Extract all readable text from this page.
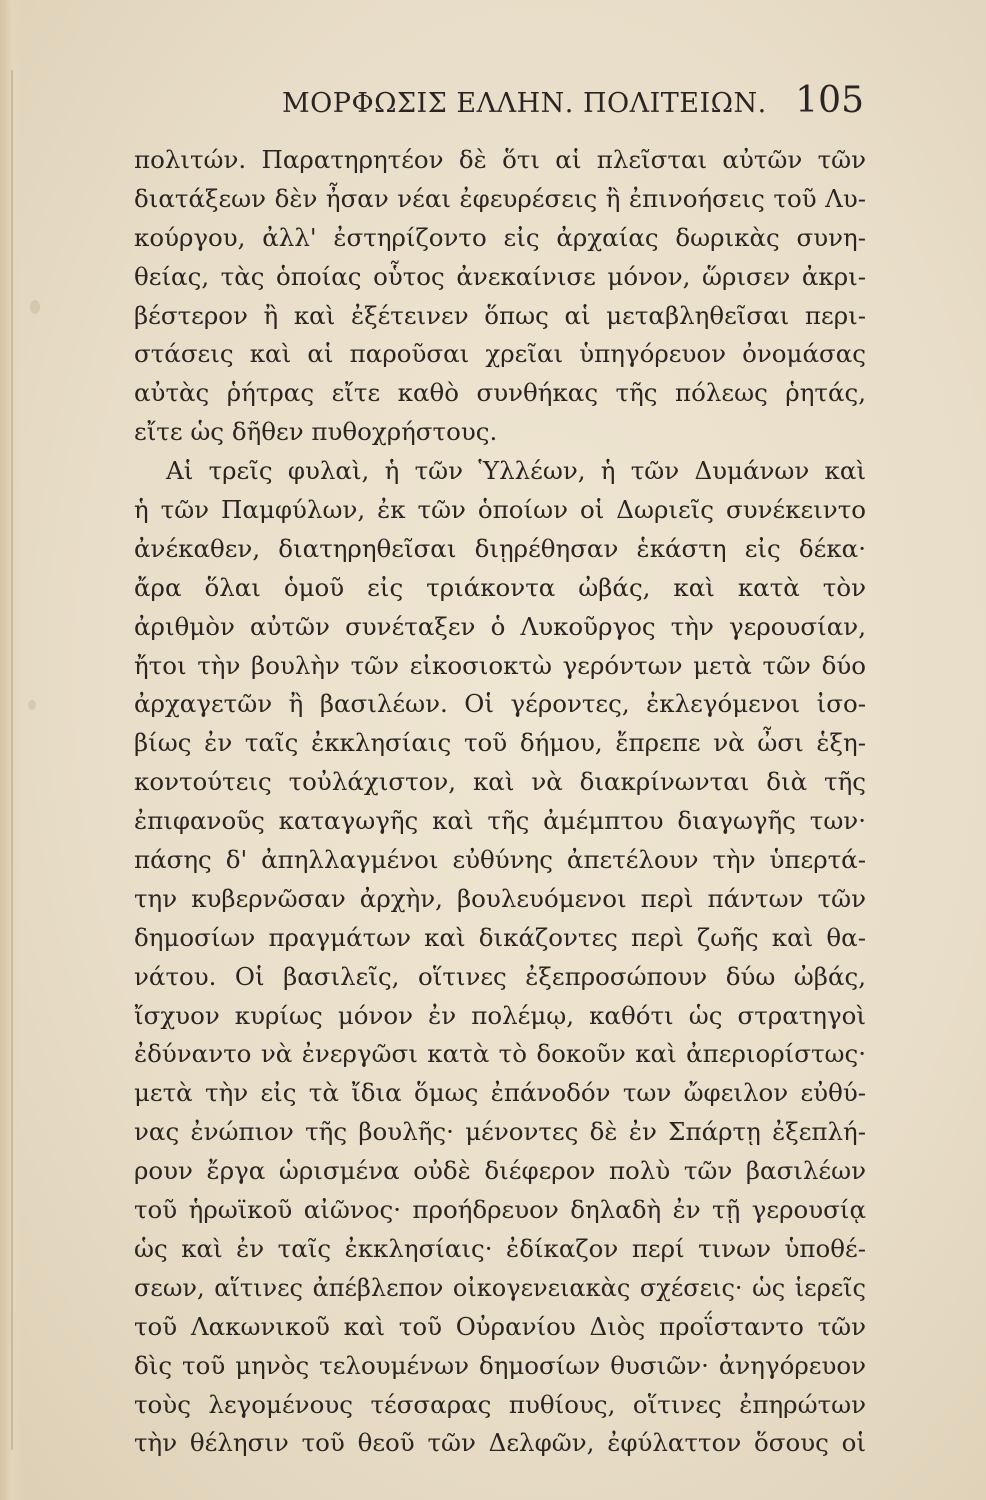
ΜΟΡΦΩΣΙΣ ΕΛΛΗΝ. ΠΟΛΙΤΕΙΩΝ. 105
πολιτών. Παρατηρητέον δὲ ὅτι αἱ πλεῖσται αὐτῶν τῶν
διατάξεων δὲν ἦσαν νέαι ἐφευρέσεις ἢ ἐπινοήσεις τοῦ Λυ-
κούργου, ἀλλ' ἐστηρίζοντο εἰς ἀρχαίας δωρικὰς συνη-
θείας, τὰς ὁποίας οὗτος ἀνεκαίνισε μόνον, ὥρισεν ἀκρι-
βέστερον ἢ καὶ ἐξέτεινεν ὅπως αἱ μεταβληθεῖσαι περι-
στάσεις καὶ αἱ παροῦσαι χρεῖαι ὑπηγόρευον ὀνομάσας
αὐτὰς ῥήτρας εἴτε καθὸ συνθήκας τῆς πόλεως ῥητάς,
εἴτε ὡς δῆθεν πυθοχρήστους.
Αἱ τρεῖς φυλαὶ, ἡ τῶν Ὑλλέων, ἡ τῶν Δυμάνων καὶ
ἡ τῶν Παμφύλων, ἐκ τῶν ὁποίων οἱ Δωριεῖς συνέκειντο
ἀνέκαθεν, διατηρηθεῖσαι διῃρέθησαν ἑκάστη εἰς δέκα·
ἄρα ὅλαι ὁμοῦ εἰς τριάκοντα ὠβάς, καὶ κατὰ τὸν
ἀριθμὸν αὐτῶν συνέταξεν ὁ Λυκοῦργος τὴν γερουσίαν,
ἤτοι τὴν βουλὴν τῶν εἰκοσιοκτὼ γερόντων μετὰ τῶν δύο
ἀρχαγετῶν ἢ βασιλέων. Οἱ γέροντες, ἐκλεγόμενοι ἰσο-
βίως ἐν ταῖς ἐκκλησίαις τοῦ δήμου, ἔπρεπε νὰ ὦσι ἑξη-
κοντούτεις τοὐλάχιστον, καὶ νὰ διακρίνωνται διὰ τῆς
ἐπιφανοῦς καταγωγῆς καὶ τῆς ἀμέμπτου διαγωγῆς των·
πάσης δ' ἀπηλλαγμένοι εὐθύνης ἀπετέλουν τὴν ὑπερτά-
την κυβερνῶσαν ἀρχὴν, βουλευόμενοι περὶ πάντων τῶν
δημοσίων πραγμάτων καὶ δικάζοντες περὶ ζωῆς καὶ θα-
νάτου. Οἱ βασιλεῖς, οἵτινες ἐξεπροσώπουν δύω ὠβάς,
ἴσχυον κυρίως μόνον ἐν πολέμῳ, καθότι ὡς στρατηγοὶ
ἐδύναντο νὰ ἐνεργῶσι κατὰ τὸ δοκοῦν καὶ ἀπεριορίστως·
μετὰ τὴν εἰς τὰ ἴδια ὅμως ἐπάνοδόν των ὤφειλον εὐθύ-
νας ἐνώπιον τῆς βουλῆς· μένοντες δὲ ἐν Σπάρτῃ ἐξεπλή-
ρουν ἔργα ὡρισμένα οὐδὲ διέφερον πολὺ τῶν βασιλέων
τοῦ ἡρωϊκοῦ αἰῶνος· προήδρευον δηλαδὴ ἐν τῇ γερουσίᾳ
ὡς καὶ ἐν ταῖς ἐκκλησίαις· ἐδίκαζον περί τινων ὑποθέ-
σεων, αἵτινες ἀπέβλεπον οἰκογενειακὰς σχέσεις· ὡς ἱερεῖς
τοῦ Λακωνικοῦ καὶ τοῦ Οὐρανίου Διὸς προΐσταντο τῶν
δὶς τοῦ μηνὸς τελουμένων δημοσίων θυσιῶν· ἀνηγόρευον
τοὺς λεγομένους τέσσαρας πυθίους, οἵτινες ἐπηρώτων
τὴν θέλησιν τοῦ θεοῦ τῶν Δελφῶν, ἐφύλαττον ὅσους οἱ
